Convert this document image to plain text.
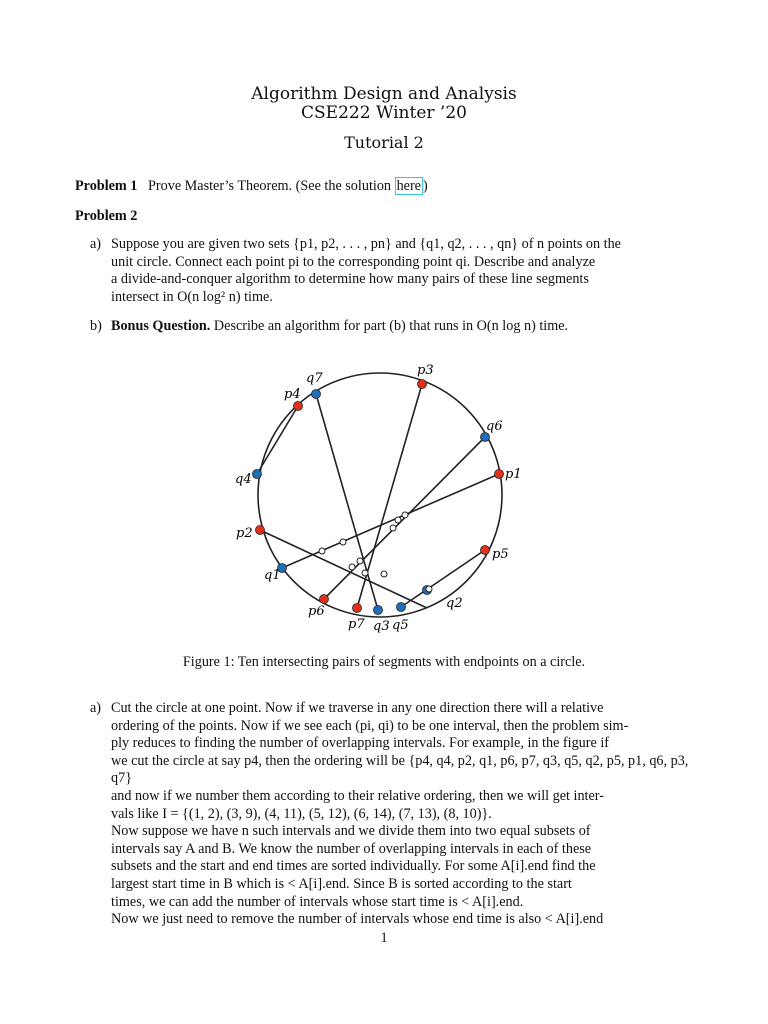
Algorithm Design and Analysis
CSE222 Winter ’20
Tutorial 2
Problem 1 Prove Master’s Theorem. (See the solution here )
Problem 2
a) Suppose you are given two sets {p1, p2, . . . , pn} and {q1, q2, . . . , qn} of n points on the
unit circle. Connect each point pi to the corresponding point qi. Describe and analyze
a divide-and-conquer algorithm to determine how many pairs of these line segments
intersect in O(n log² n) time.
b) Bonus Question. Describe an algorithm for part (b) that runs in O(n log n) time.
p4
q7
p3
q6
p1
p5
q2
q5
q3
p7
p6
q1
p2
q4
Figure 1: Ten intersecting pairs of segments with endpoints on a circle.
a) Cut the circle at one point. Now if we traverse in any one direction there will a relative
ordering of the points. Now if we see each (pi, qi) to be one interval, then the problem sim-
ply reduces to finding the number of overlapping intervals. For example, in the figure if
we cut the circle at say p4, then the ordering will be {p4, q4, p2, q1, p6, p7, q3, q5, q2, p5, p1, q6, p3, q7}
and now if we number them according to their relative ordering, then we will get inter-
vals like I = {(1, 2), (3, 9), (4, 11), (5, 12), (6, 14), (7, 13), (8, 10)}.
Now suppose we have n such intervals and we divide them into two equal subsets of
intervals say A and B. We know the number of overlapping intervals in each of these
subsets and the start and end times are sorted individually. For some A[i].end find the
largest start time in B which is < A[i].end. Since B is sorted according to the start
times, we can add the number of intervals whose start time is < A[i].end.
Now we just need to remove the number of intervals whose end time is also < A[i].end
1
